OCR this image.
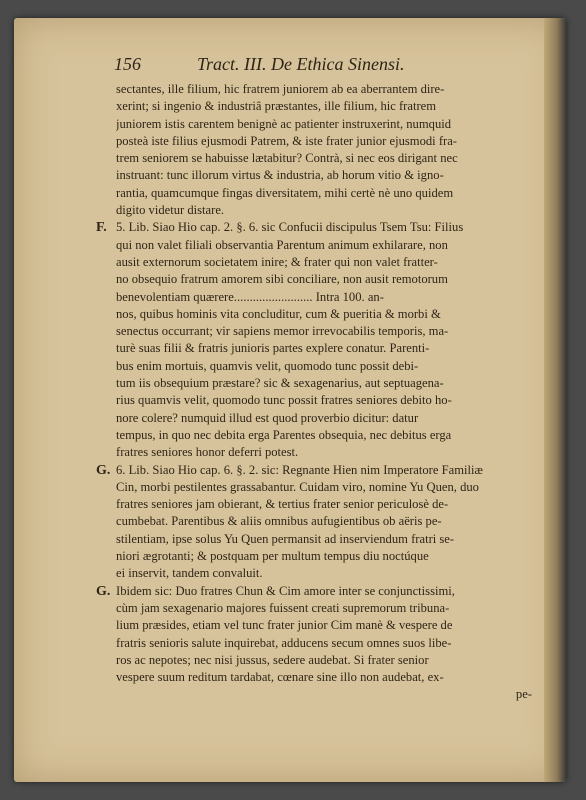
156	Tract. III. De Ethica Sinensi.
sectantes, ille filium, hic fratrem juniorem ab ea aberrantem dire-
xerint; si ingenio & industriâ præstantes, ille filium, hic fratrem
juniorem istis carentem benignè ac patienter instruxerint, numquid
posteà iste filius ejusmodi Patrem, & iste frater junior ejusmodi fra-
trem seniorem se habuisse lætabitur? Contrà, si nec eos dirigant nec
instruant: tunc illorum virtus & industria, ab horum vitio & igno-
rantia, quamcumque fingas diversitatem, mihi certè nè uno quidem
digito videtur distare.
F. 5. Lib. Siao Hio cap. 2. §. 6. sic Confucii discipulus Tsem Tsu: Filius
qui non valet filiali observantia Parentum animum exhilarare, non
ausit externorum societatem inire; & frater qui non valet fratter-
no obsequio fratrum amorem sibi conciliare, non ausit remotorum
benevolentiam quærere......................... Intra 100. an-
nos, quibus hominis vita concluditur, cum & pueritia & morbi &
senectus occurrant; vir sapiens memor irrevocabilis temporis, ma-
turè suas filii & fratris junioris partes explere conatur. Parenti-
bus enim mortuis, quamvis velit, quomodo tunc possit debi-
tum iis obsequium præstare? sic & sexagenarius, aut septuagena-
rius quamvis velit, quomodo tunc possit fratres seniores debito ho-
nore colere? numquid illud est quod proverbio dicitur: datur
tempus, in quo nec debita erga Parentes obsequia, nec debitus erga
fratres seniores honor deferri potest.
G. 6. Lib. Siao Hio cap. 6. §. 2. sic: Regnante Hien nim Imperatore Familiæ
Cin, morbi pestilentes grassabantur. Cuidam viro, nomine Yu Quen, duo
fratres seniores jam obierant, & tertius frater senior periculosè de-
cumbebat. Parentibus & aliis omnibus aufugientibus ob aëris pe-
stilentiam, ipse solus Yu Quen permansit ad inserviendum fratri se-
niori ægrotanti; & postquam per multum tempus diu noctúque
ei inservit, tandem convaluit.
G. Ibidem sic: Duo fratres Chun & Cim amore inter se conjunctissimi,
cùm jam sexagenario majores fuissent creati supremorum tribuna-
lium præsides, etiam vel tunc frater junior Cim manè & vespere de
fratris senioris salute inquirebat, adducens secum omnes suos libe-
ros ac nepotes; nec nisi jussus, sedere audebat. Si frater senior
vespere suum reditum tardabat, cœnare sine illo non audebat, ex-
pe-
